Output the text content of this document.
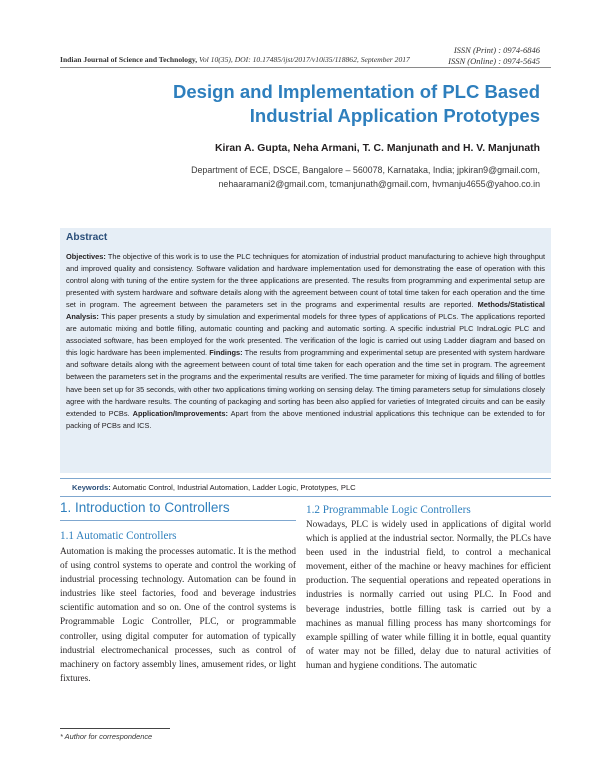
ISSN (Print) : 0974-6846
Indian Journal of Science and Technology, Vol 10(35), DOI: 10.17485/ijst/2017/v10i35/118862, September 2017	ISSN (Online) : 0974-5645
Design and Implementation of PLC Based
Industrial Application Prototypes
Kiran A. Gupta, Neha Armani, T. C. Manjunath and H. V. Manjunath
Department of ECE, DSCE, Bangalore – 560078, Karnataka, India; jpkiran9@gmail.com,
nehaaramani2@gmail.com, tcmanjunath@gmail.com, hvmanju4655@yahoo.co.in
Abstract

Objectives: The objective of this work is to use the PLC techniques for atomization of industrial product manufacturing to achieve high throughput and improved quality and consistency. Software validation and hardware implementation used for demonstrating the ease of operation with this control along with tuning of the entire system for the three applications are presented. The results from programming and experimental setup are presented with system hardware and software details along with the agreement between count of total time taken for each operation and the time set in program. The agreement between the parameters set in the programs and experimental results are reported. Methods/Statistical Analysis: This paper presents a study by simulation and experimental models for three types of applications of PLCs. The applications reported are automatic mixing and bottle filling, automatic counting and packing and automatic sorting. A specific industrial PLC IndraLogic PLC and associated software, has been employed for the work presented. The verification of the logic is carried out using Ladder diagram and based on this logic hardware has been implemented. Findings: The results from programming and experimental setup are presented with system hardware and software details along with the agreement between count of total time taken for each operation and the time set in program. The agreement between the parameters set in the programs and the experimental results are verified. The time parameter for mixing of liquids and filling of bottles have been set up for 35 seconds, with other two applications timing working on sensing delay. The timing parameters setup for simulations closely agree with the hardware results. The counting of packaging and sorting has been also applied for varieties of Integrated circuits and can be easily extended to PCBs. Application/Improvements: Apart from the above mentioned industrial applications this technique can be extended to for packing of PCBs and ICS.

Keywords: Automatic Control, Industrial Automation, Ladder Logic, Prototypes, PLC
1. Introduction to Controllers
1.1 Automatic Controllers

Automation is making the processes automatic. It is the method of using control systems to operate and control the working of industrial processing technology. Automation can be found in industries like steel factories, food and beverage industries scientific automation and so on. One of the control systems is Programmable Logic Controller, PLC, or programmable controller, using digital computer for automation of typically industrial electromechanical processes, such as control of machinery on factory assembly lines, amusement rides, or light fixtures.

1.2 Programmable Logic Controllers

Nowadays, PLC is widely used in applications of digital world which is applied at the industrial sector. Normally, the PLCs have been used in the industrial field, to control a mechanical movement, either of the machine or heavy machines for efficient production. The sequential operations and repeated operations in industries is normally carried out using PLC. In Food and beverage industries, bottle filling task is carried out by a machines as manual filling process has many shortcomings for example spilling of water while filling it in bottle, equal quantity of water may not be filled, delay due to natural activities of human and hygiene conditions. The automatic

* Author for correspondence
